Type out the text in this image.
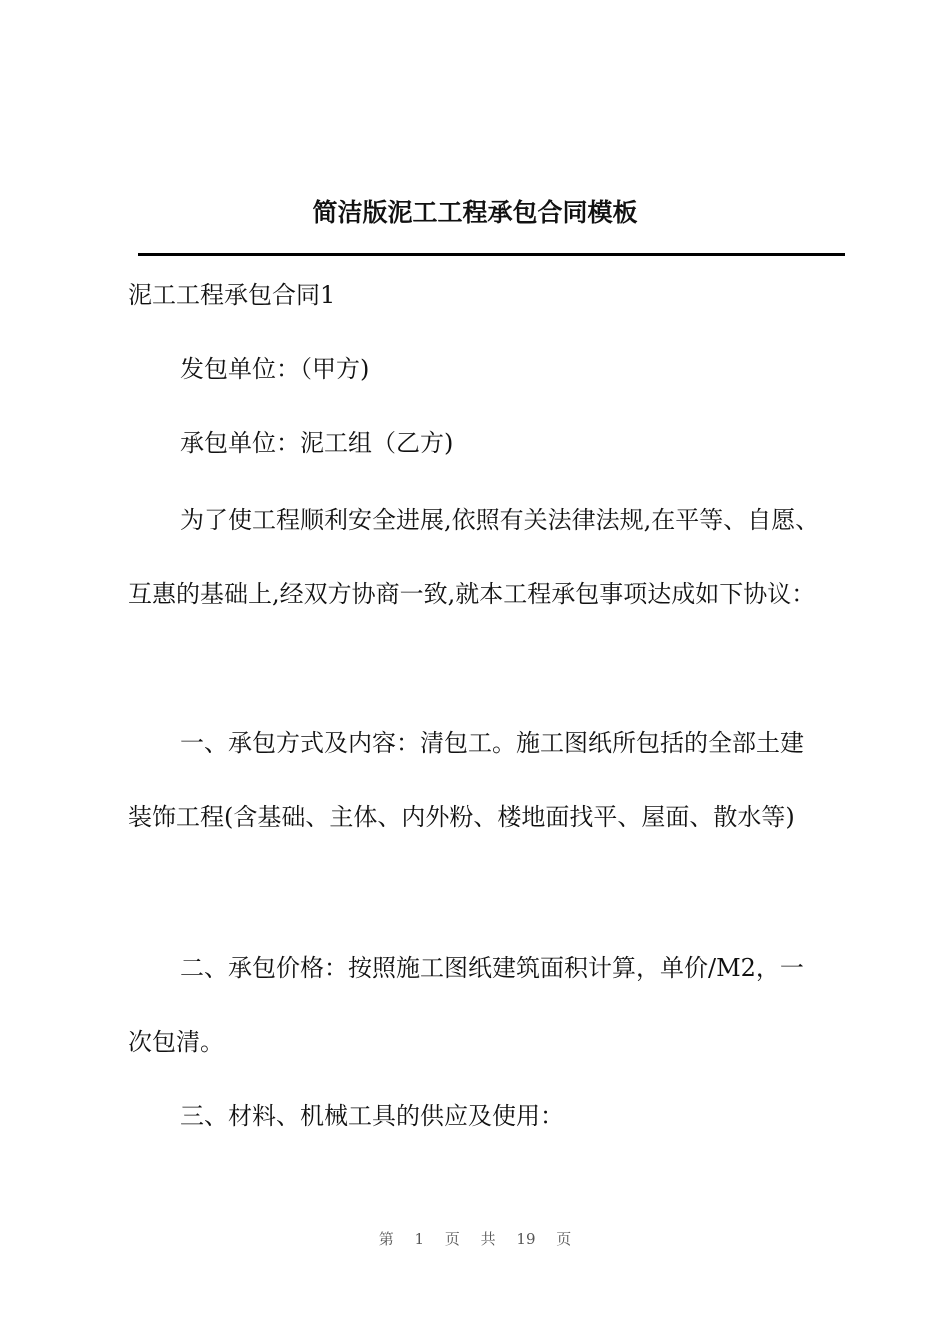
简洁版泥工工程承包合同模板
泥工工程承包合同1
发包单位：（甲方)
承包单位：泥工组（乙方)
为了使工程顺利安全进展,依照有关法律法规,在平等、自愿、
互惠的基础上,经双方协商一致,就本工程承包事项达成如下协议：
一、承包方式及内容：清包工。施工图纸所包括的全部土建
装饰工程(含基础、主体、内外粉、楼地面找平、屋面、散水等)
二、承包价格：按照施工图纸建筑面积计算，单价/M2，一
次包清。
三、材料、机械工具的供应及使用：
第 1 页 共 19 页
